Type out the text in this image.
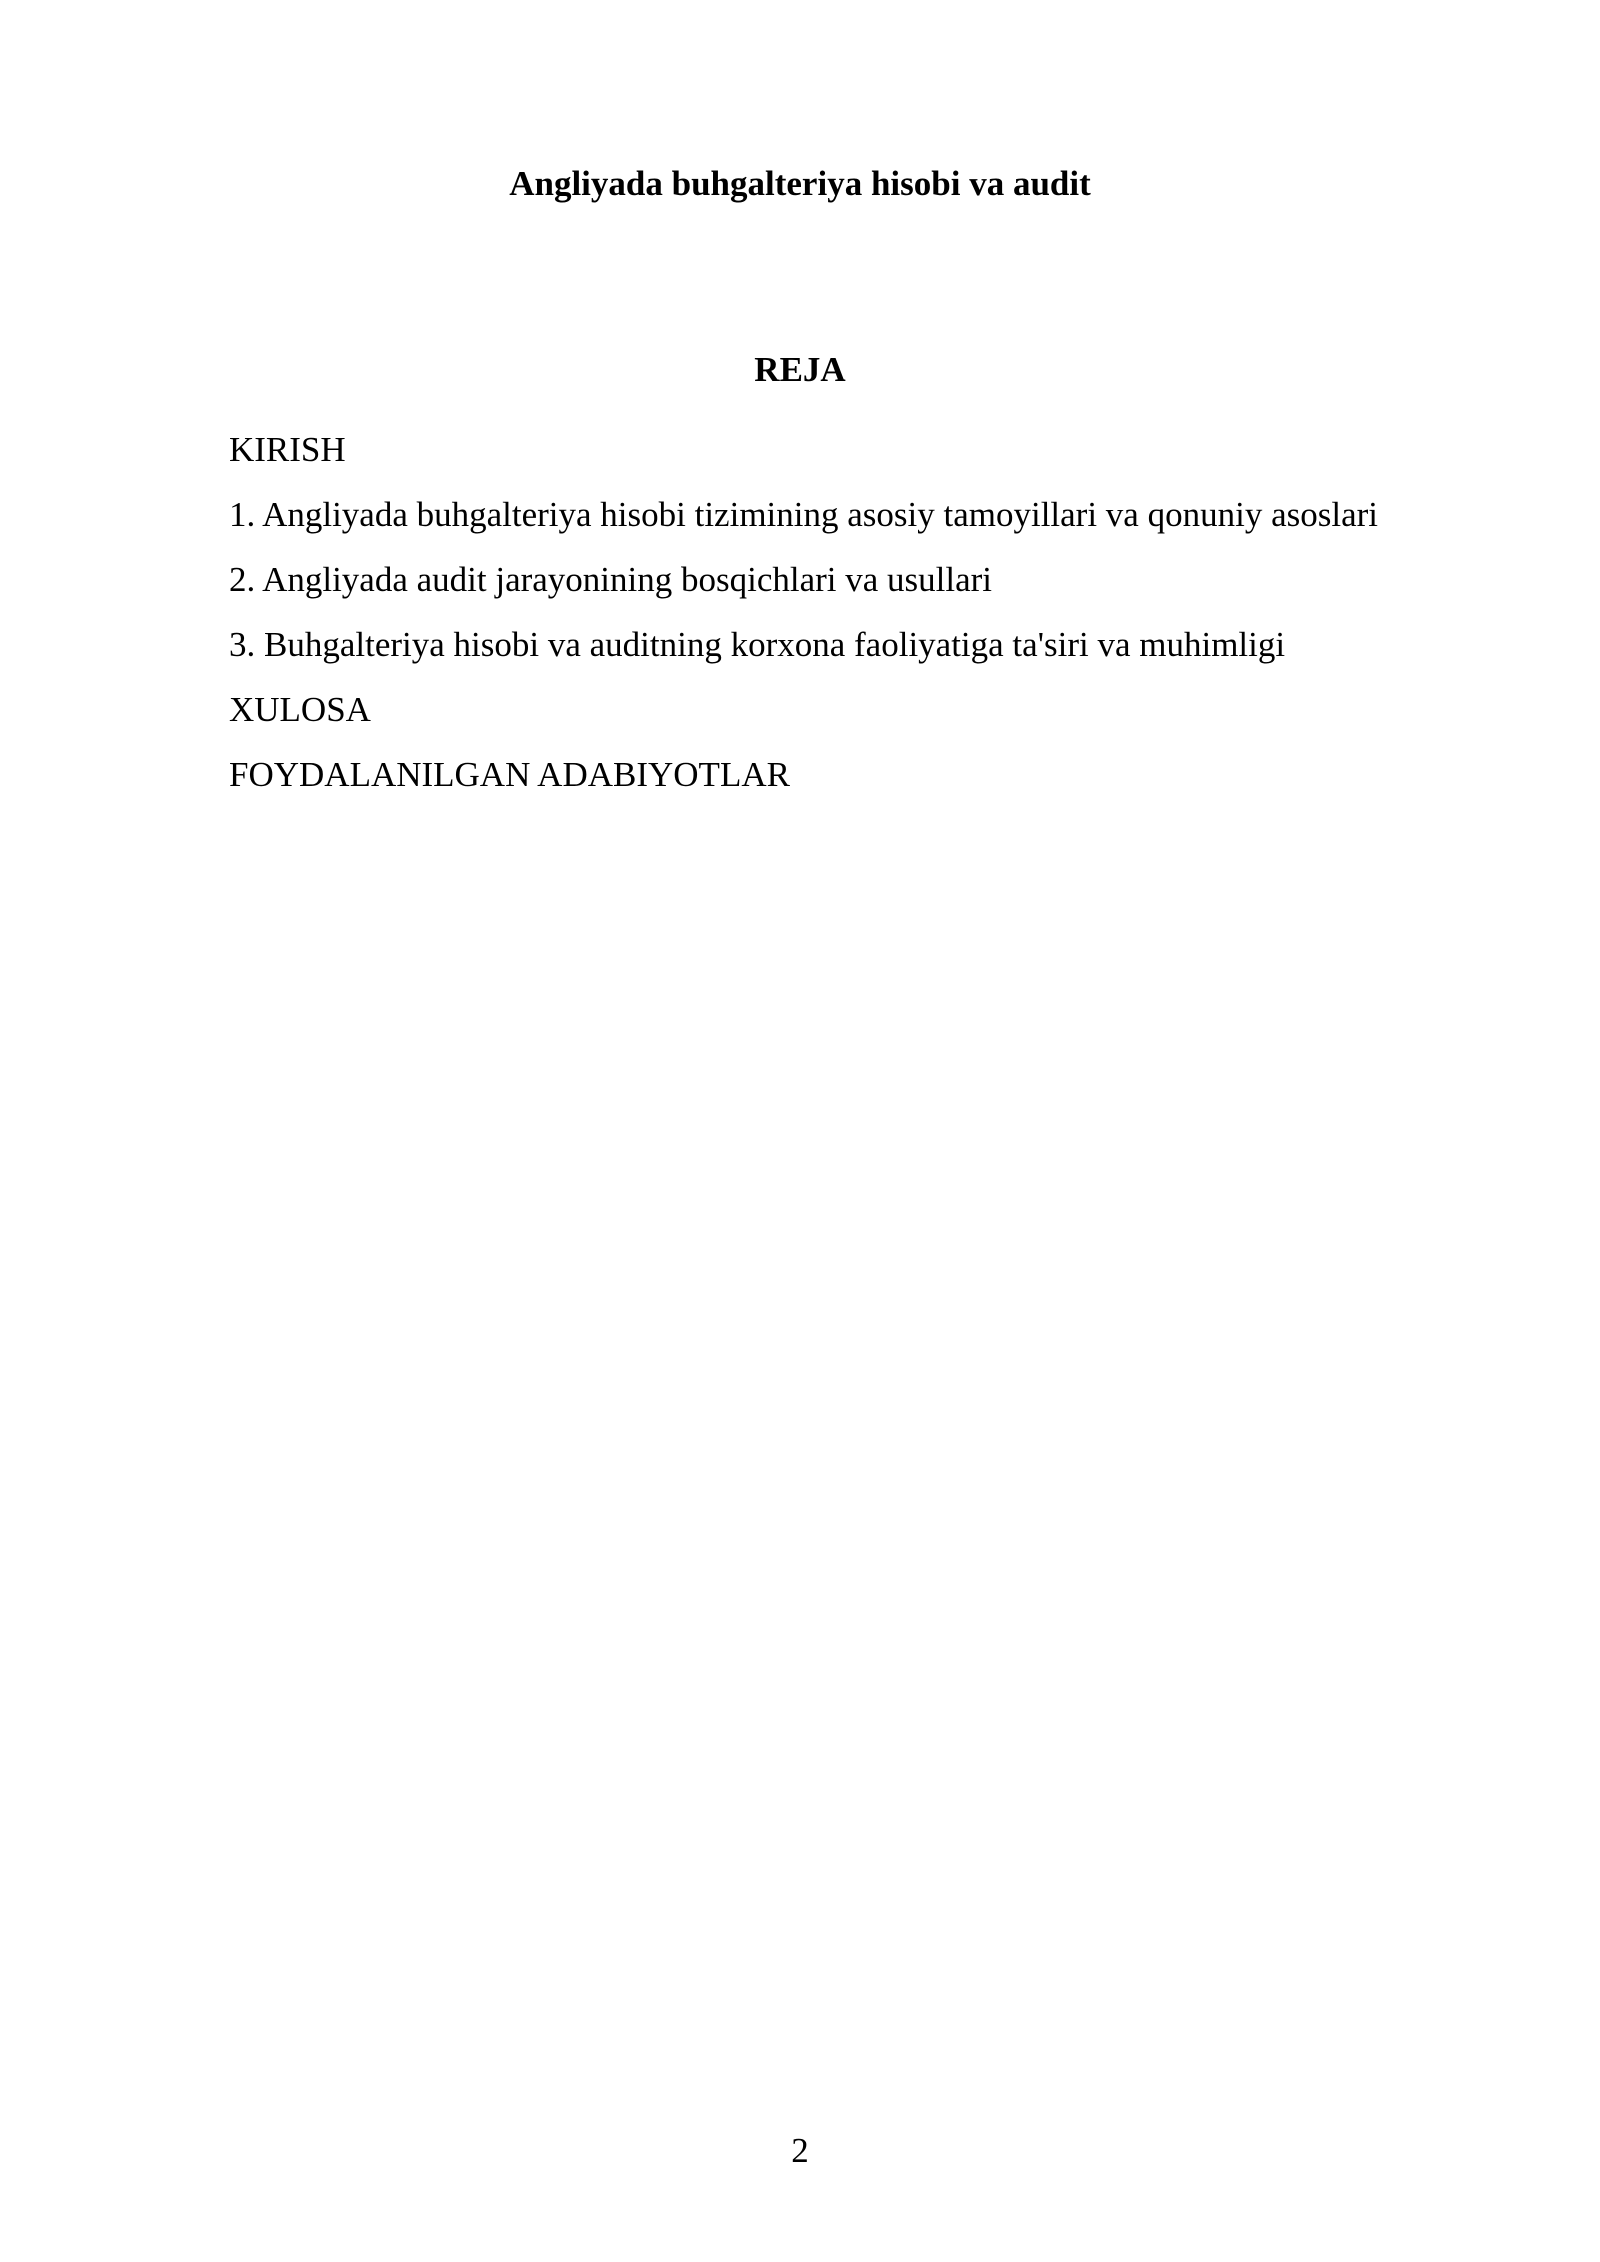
Angliyada buhgalteriya hisobi va audit
REJA
KIRISH
1. Angliyada buhgalteriya hisobi tizimining asosiy tamoyillari va qonuniy asoslari
2. Angliyada audit jarayonining bosqichlari va usullari
3. Buhgalteriya hisobi va auditning korxona faoliyatiga ta'siri va muhimligi
XULOSA
FOYDALANILGAN ADABIYOTLAR
2
